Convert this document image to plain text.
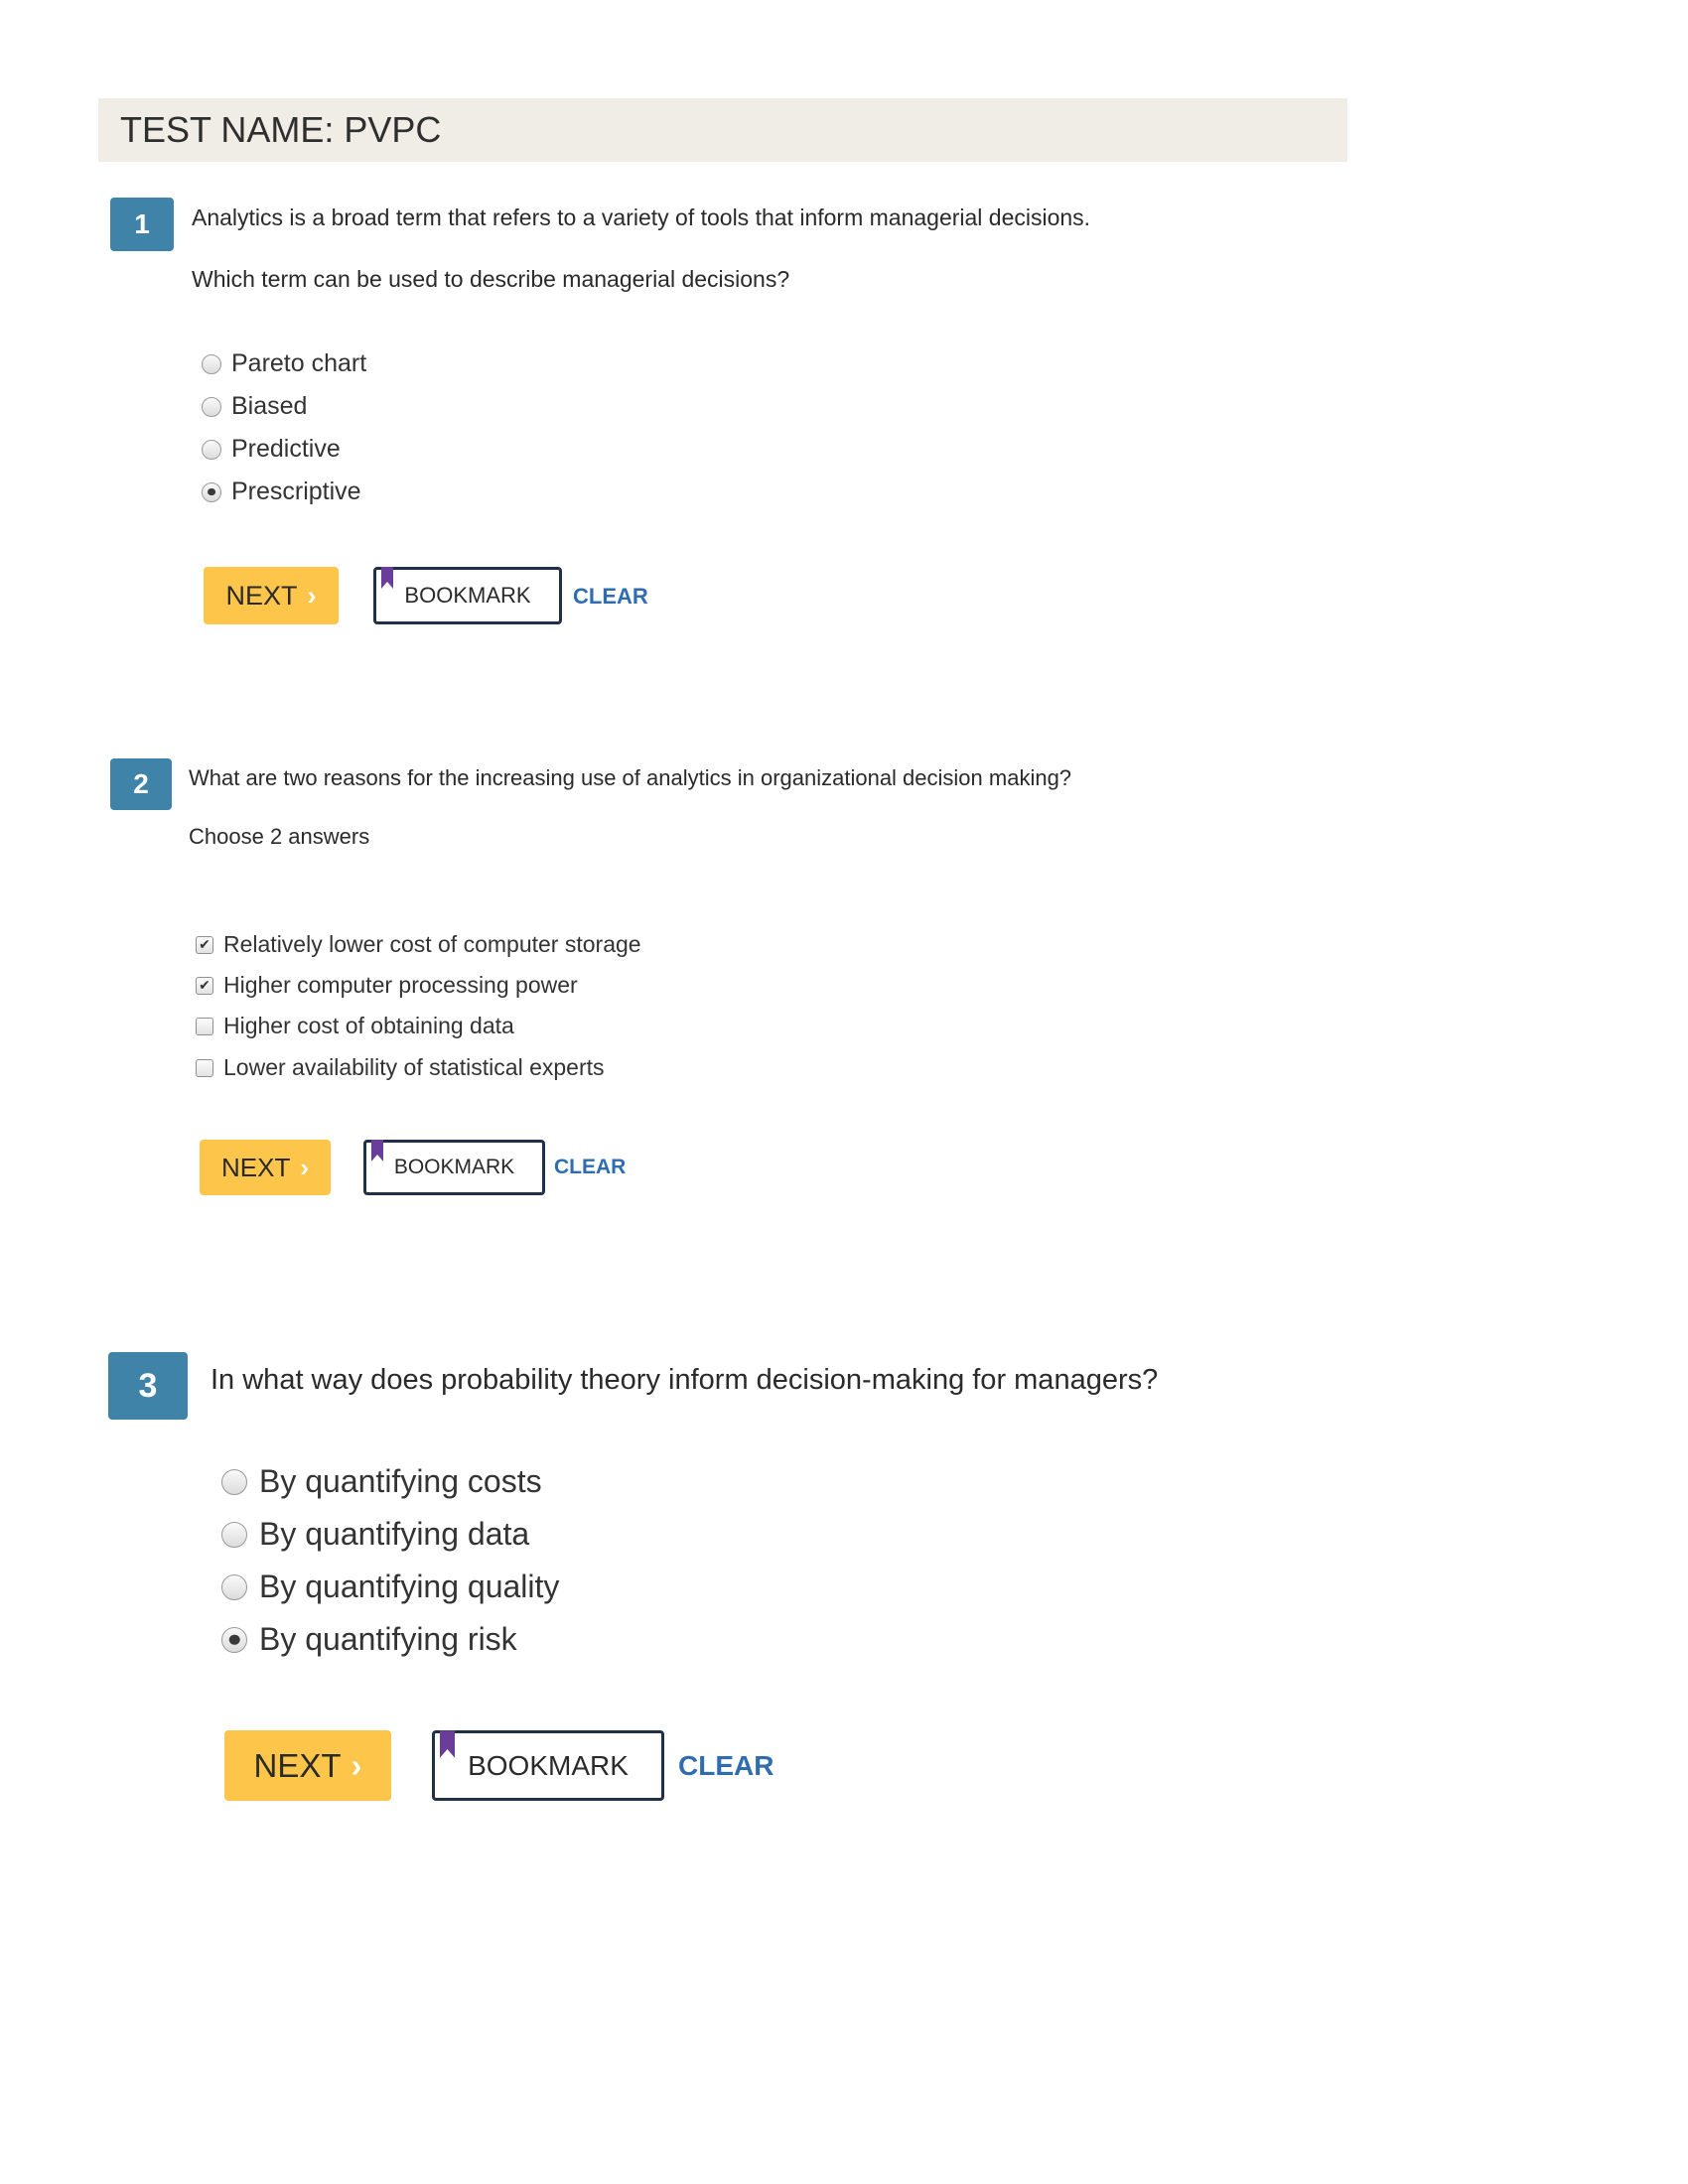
TEST NAME: PVPC
1	Analytics is a broad term that refers to a variety of tools that inform managerial decisions.
Which term can be used to describe managerial decisions?
Pareto chart
Biased
Predictive
Prescriptive
NEXT ›	BOOKMARK CLEAR
2	What are two reasons for the increasing use of analytics in organizational decision making?
Choose 2 answers
✔ Relatively lower cost of computer storage
✔ Higher computer processing power
Higher cost of obtaining data
Lower availability of statistical experts
NEXT ›	BOOKMARK CLEAR
3	In what way does probability theory inform decision-making for managers?
By quantifying costs
By quantifying data
By quantifying quality
By quantifying risk
NEXT ›	BOOKMARK CLEAR
